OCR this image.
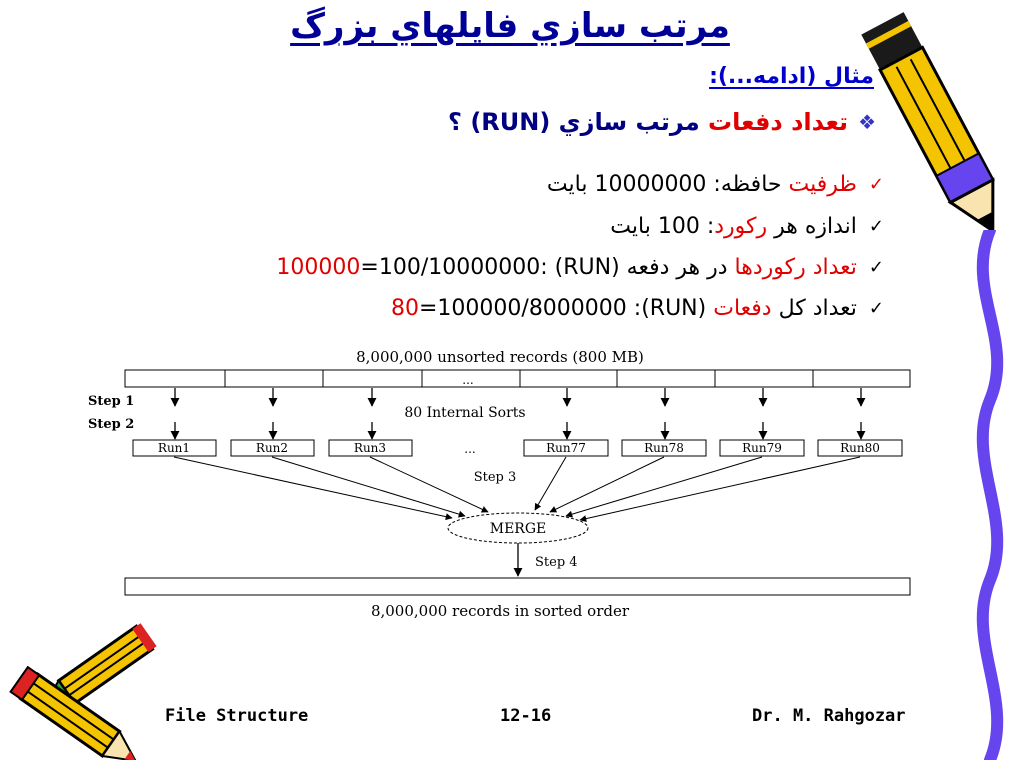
مرتب سازي فايلهاي بزرگ
مثال (ادامه...):
❖
تعداد دفعات مرتب سازي (RUN) ؟
✓
ظرفيت حافظه: 10000000 بايت
✓
اندازه هر رکورد: 100 بايت
✓
تعداد رکوردها در هر دفعه (RUN) :100000=100/10000000
✓
تعداد کل دفعات (RUN): 80=100000/8000000
8,000,000 unsorted records (800 MB)
...
Step 1
Step 2
80 Internal Sorts
Run1	Run2	Run3	...	Run77	Run78	Run79	Run80
Step 3
MERGE
Step 4
8,000,000 records in sorted order
File Structure	12-16	Dr. M. Rahgozar
